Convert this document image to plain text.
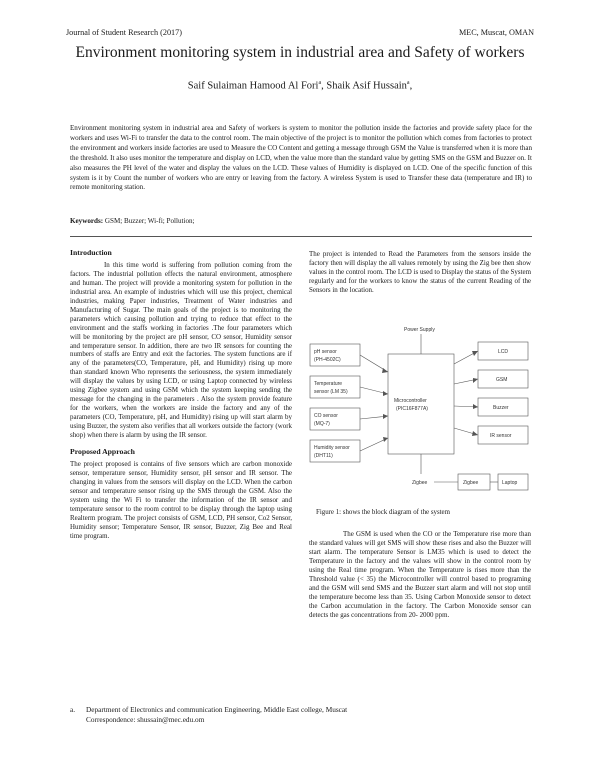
Journal of Student Research (2017)	MEC, Muscat, OMAN
Environment monitoring system in industrial area and Safety of workers
Saif Sulaiman Hamood Al Fori$^a$, Shaik Asif Hussain$^a$,
Environment monitoring system in industrial area and Safety of workers is system to monitor the pollution inside the factories and provide safety place for the workers and uses Wi-Fi to transfer the data to the control room. The main objective of the project is to monitor the pollution which comes from factories to protect the environment and workers inside factories are used to Measure the CO Content and getting a message through GSM the Value is transferred when it is more than the threshold. It also uses monitor the temperature and display on LCD, when the value more than the standard value by getting SMS on the GSM and Buzzer on. It also measures the PH level of the water and display the values on the LCD. These values of Humidity is displayed on LCD. One of the specific function of this system is it by Count the number of workers who are entry or leaving from the factory. A wireless System is used to Transfer these data (temperature and IR) to remote monitoring station.
Keywords: GSM; Buzzer; Wi-fi; Pollution;
Introduction

In this time world is suffering from pollution coming from the factors. The industrial pollution effects the natural environment, atmosphere and human. The project will provide a monitoring system for pollution in the industrial area. An example of industries which will use this project, chemical industries, making Paper industries, Treatment of Water industries and Manufacturing of Sugar. The main goals of the project is to monitoring the parameters which causing pollution and trying to reduce that effect to the environment and the staffs working in factories .The four parameters which will be monitoring by the project are pH sensor, CO sensor, Humidity sensor and temperature sensor. In addition, there are two IR sensors for counting the numbers of staffs are Entry and exit the factories. The system functions are if any of the parameters(CO, Temperature, pH, and Humidity) rising up more than standard known Who represents the seriousness, the system immediately will display the values by using LCD, or using Laptop connected by wireless using Zigbee system and using GSM which the system keeping sending the message for the changing in the parameters . Also the system provide feature for the workers, when the workers are inside the factory and any of the parameters (CO, Temperature, pH, and Humidity) rising up will start alarm by using Buzzer, the system also verifies that all workers outside the factory (work shop) when there is alarm by using the IR sensor.

Proposed Approach

The project proposed is contains of five sensors which are carbon monoxide sensor, temperature sensor, Humidity sensor, pH sensor and IR sensor. The changing in values from the sensors will display on the LCD. When the carbon sensor and temperature sensor rising up the SMS through the GSM. Also the system using the Wi Fi to transfer the information of the IR sensor and temperature sensor to the room control to be display through the laptop using Realterm program. The project consists of GSM, LCD, PH sensor, Co2 Sensor, Humidity sensor; Temperature Sensor, IR sensor, Buzzer, Zig Bee and Real time program.

The project is intended to Read the Parameters from the sensors inside the factory then will display the all values remotely by using the Zig bee then show values in the control room. The LCD is used to Display the status of the System regularly and for the workers to know the status of the current Reading of the Sensors in the location.

Power Supply
pH sensor
(PH-4502C)
Temperature
sensor (LM 35)
CO sensor
(MQ-7)
Humidity sensor
(DHT11)
Microcontroller
(PIC16F877A)
LCD
GSM
Buzzer
IR sensor
Zigbee	Zigbee	Laptop
Figure 1: shows the block diagram of the system

The GSM is used when the CO or the Temperature rise more than the standard values will get SMS will show these rises and also the Buzzer will start alarm. The temperature Sensor is LM35 which is used to detect the Temperature in the factory and the values will show in the control room by using the Real time program. When the Temperature is rises more than the Threshold value (< 35) the Microcontroller will control based to programing and the GSM will send SMS and the Buzzer start alarm and will not stop until the temperature become less than 35. Using Carbon Monoxide sensor to detect the Carbon accumulation in the factory. The Carbon Monoxide sensor can detects the gas concentrations from 20- 2000 ppm.

a. Department of Electronics and communication Engineering, Middle East college, Muscat
Correspondence: shussain@mec.edu.om
